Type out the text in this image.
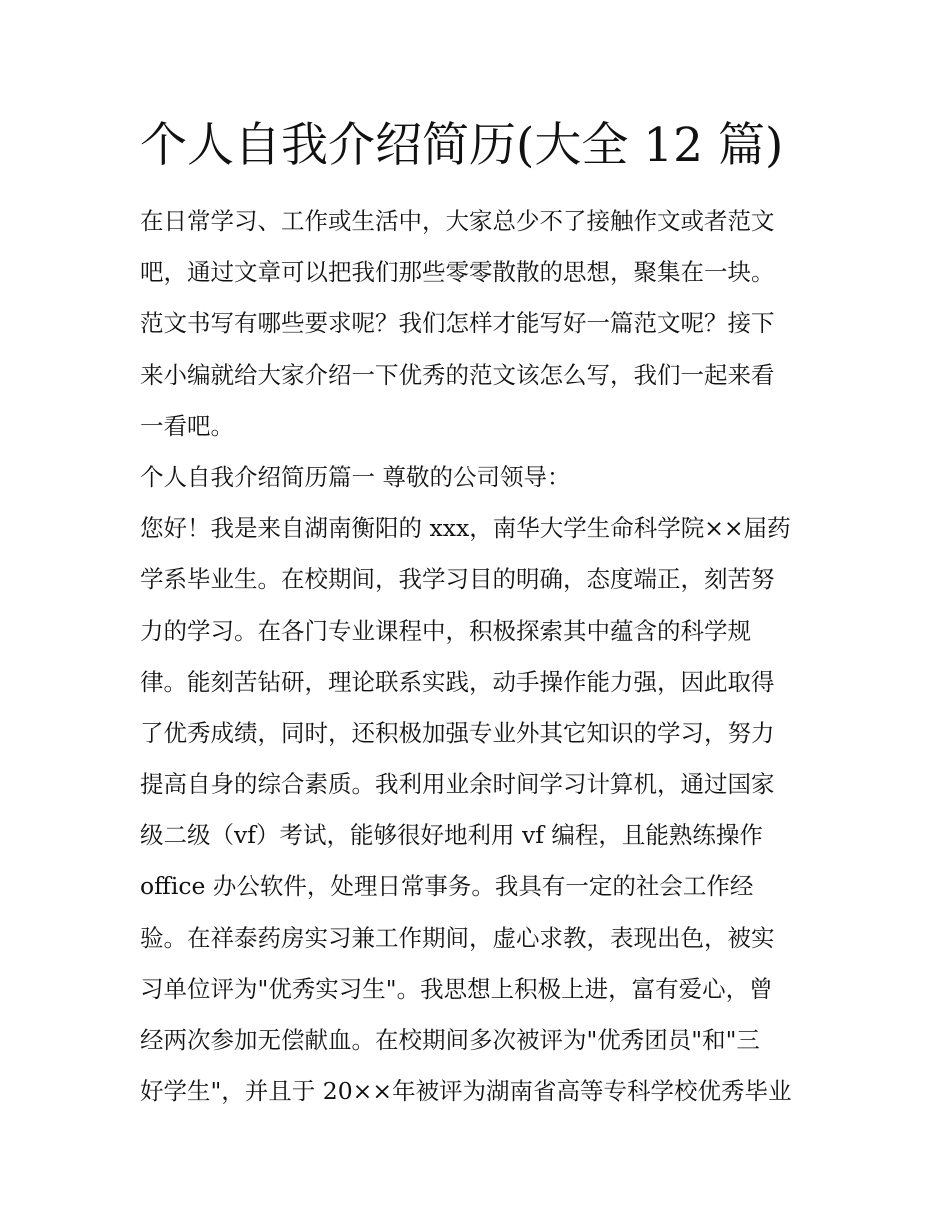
个人自我介绍简历(大全 12 篇)
在日常学习、工作或生活中，大家总少不了接触作文或者范文
吧，通过文章可以把我们那些零零散散的思想，聚集在一块。
范文书写有哪些要求呢？我们怎样才能写好一篇范文呢？接下
来小编就给大家介绍一下优秀的范文该怎么写，我们一起来看
一看吧。
个人自我介绍简历篇一 尊敬的公司领导：
您好！我是来自湖南衡阳的 xxx，南华大学生命科学院××届药
学系毕业生。在校期间，我学习目的明确，态度端正，刻苦努
力的学习。在各门专业课程中，积极探索其中蕴含的科学规
律。能刻苦钻研，理论联系实践，动手操作能力强，因此取得
了优秀成绩，同时，还积极加强专业外其它知识的学习，努力
提高自身的综合素质。我利用业余时间学习计算机，通过国家
级二级（vf）考试，能够很好地利用 vf 编程，且能熟练操作
office 办公软件，处理日常事务。我具有一定的社会工作经
验。在祥泰药房实习兼工作期间，虚心求教，表现出色，被实
习单位评为"优秀实习生"。我思想上积极上进，富有爱心，曾
经两次参加无偿献血。在校期间多次被评为"优秀团员"和"三
好学生"，并且于 20××年被评为湖南省高等专科学校优秀毕业
